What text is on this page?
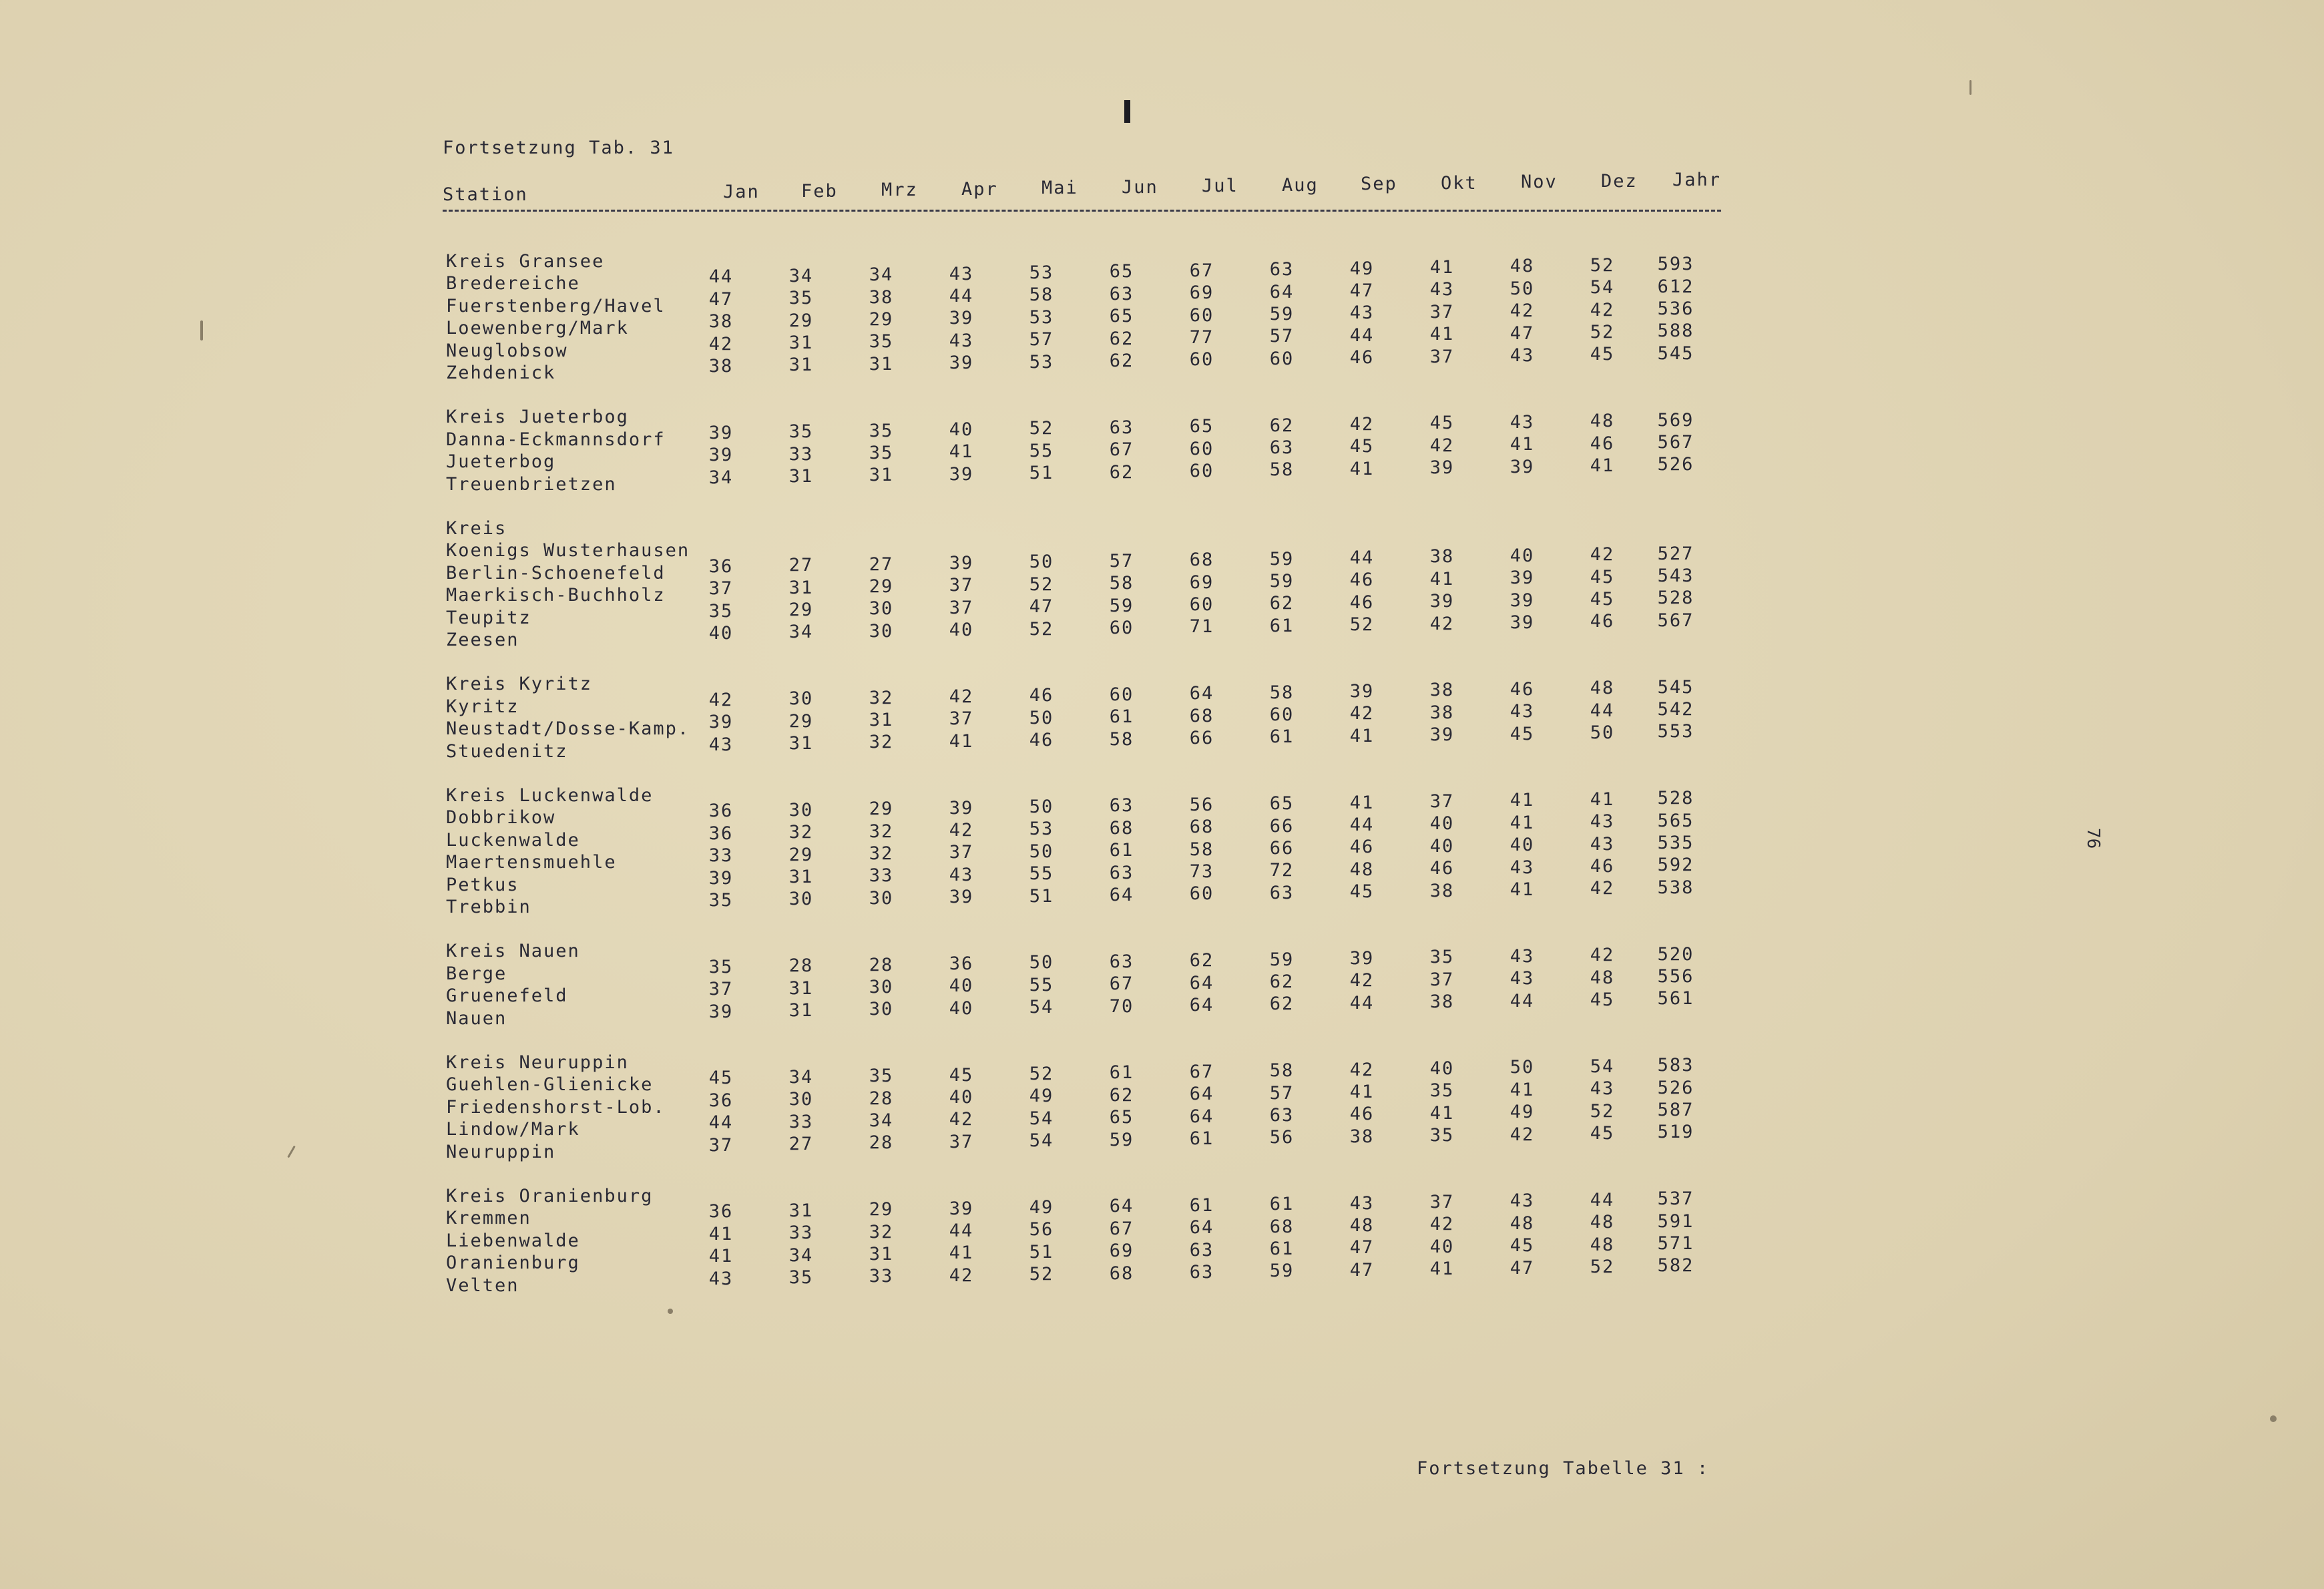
Fortsetzung Tab. 31
Station	Jan Feb Mrz Apr Mai Jun Jul Aug Sep Okt Nov Dez Jahr
Kreis Gransee
Bredereiche	44	34	34	43	53	65	67	63	49	41	48	52	593
Fuerstenberg/Havel	47	35	38	44	58	63	69	64	47	43	50	54	612
Loewenberg/Mark	38	29	29	39	53	65	60	59	43	37	42	42	536
Neuglobsow	42	31	35	43	57	62	77	57	44	41	47	52	588
Zehdenick	38	31	31	39	53	62	60	60	46	37	43	45	545
Kreis Jueterbog
Danna-Eckmannsdorf	39	35	35	40	52	63	65	62	42	45	43	48	569
Jueterbog	39	33	35	41	55	67	60	63	45	42	41	46	567
Treuenbrietzen	34	31	31	39	51	62	60	58	41	39	39	41	526
Kreis
Koenigs Wusterhausen
Berlin-Schoenefeld	36	27	27	39	50	57	68	59	44	38	40	42	527
Maerkisch-Buchholz	37	31	29	37	52	58	69	59	46	41	39	45	543
Teupitz	35	29	30	37	47	59	60	62	46	39	39	45	528
Zeesen	40	34	30	40	52	60	71	61	52	42	39	46	567
Kreis Kyritz
Kyritz	42	30	32	42	46	60	64	58	39	38	46	48	545
Neustadt/Dosse-Kamp.	39	29	31	37	50	61	68	60	42	38	43	44	542
Stuedenitz	43	31	32	41	46	58	66	61	41	39	45	50	553
Kreis Luckenwalde
Dobbrikow	36	30	29	39	50	63	56	65	41	37	41	41	528
Luckenwalde	36	32	32	42	53	68	68	66	44	40	41	43	565
Maertensmuehle	33	29	32	37	50	61	58	66	46	40	40	43	535
Petkus	39	31	33	43	55	63	73	72	48	46	43	46	592
Trebbin	35	30	30	39	51	64	60	63	45	38	41	42	538
Kreis Nauen
Berge	35	28	28	36	50	63	62	59	39	35	43	42	520
Gruenefeld	37	31	30	40	55	67	64	62	42	37	43	48	556
Nauen	39	31	30	40	54	70	64	62	44	38	44	45	561
Kreis Neuruppin
Guehlen-Glienicke	45	34	35	45	52	61	67	58	42	40	50	54	583
Friedenshorst-Lob.	36	30	28	40	49	62	64	57	41	35	41	43	526
Lindow/Mark	44	33	34	42	54	65	64	63	46	41	49	52	587
Neuruppin	37	27	28	37	54	59	61	56	38	35	42	45	519
Kreis Oranienburg
Kremmen	36	31	29	39	49	64	61	61	43	37	43	44	537
Liebenwalde	41	33	32	44	56	67	64	68	48	42	48	48	591
Oranienburg	41	34	31	41	51	69	63	61	47	40	45	48	571
Velten	43	35	33	42	52	68	63	59	47	41	47	52	582
Fortsetzung Tabelle 31 :
76
